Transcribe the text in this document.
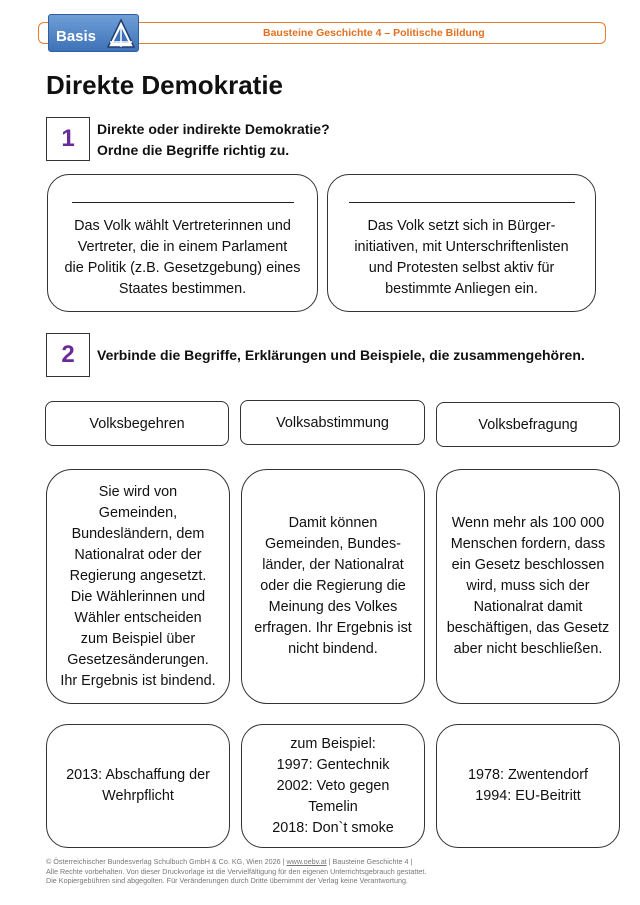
Bausteine Geschichte 4 – Politische Bildung
Basis
Direkte Demokratie
1	Direkte oder indirekte Demokratie?
Ordne die Begriffe richtig zu.
Das Volk wählt Vertreterinnen und
Vertreter, die in einem Parlament
die Politik (z.B. Gesetzgebung) eines
Staates bestimmen.
Das Volk setzt sich in Bürger-
initiativen, mit Unterschriftenlisten
und Protesten selbst aktiv für
bestimmte Anliegen ein.
2	Verbinde die Begriffe, Erklärungen und Beispiele, die zusammengehören.
Volksbegehren	Volksabstimmung	Volksbefragung
Sie wird von
Gemeinden,
Bundesländern, dem
Nationalrat oder der
Regierung angesetzt.
Die Wählerinnen und
Wähler entscheiden
zum Beispiel über
Gesetzesänderungen.
Ihr Ergebnis ist bindend.
Damit können
Gemeinden, Bundes-
länder, der Nationalrat
oder die Regierung die
Meinung des Volkes
erfragen. Ihr Ergebnis ist
nicht bindend.
Wenn mehr als 100 000
Menschen fordern, dass
ein Gesetz beschlossen
wird, muss sich der
Nationalrat damit
beschäftigen, das Gesetz
aber nicht beschließen.
2013: Abschaffung der
Wehrpflicht
zum Beispiel:
1997: Gentechnik
2002: Veto gegen
Temelin
2018: Don`t smoke
1978: Zwentendorf
1994: EU-Beitritt
© Österreichischer Bundesverlag Schulbuch GmbH & Co. KG, Wien 2026 | www.oebv.at | Bausteine Geschichte 4 |
Alle Rechte vorbehalten. Von dieser Druckvorlage ist die Vervielfältigung für den eigenen Unterrichtsgebrauch gestattet.
Die Kopiergebühren sind abgegolten. Für Veränderungen durch Dritte übernimmt der Verlag keine Verantwortung.
